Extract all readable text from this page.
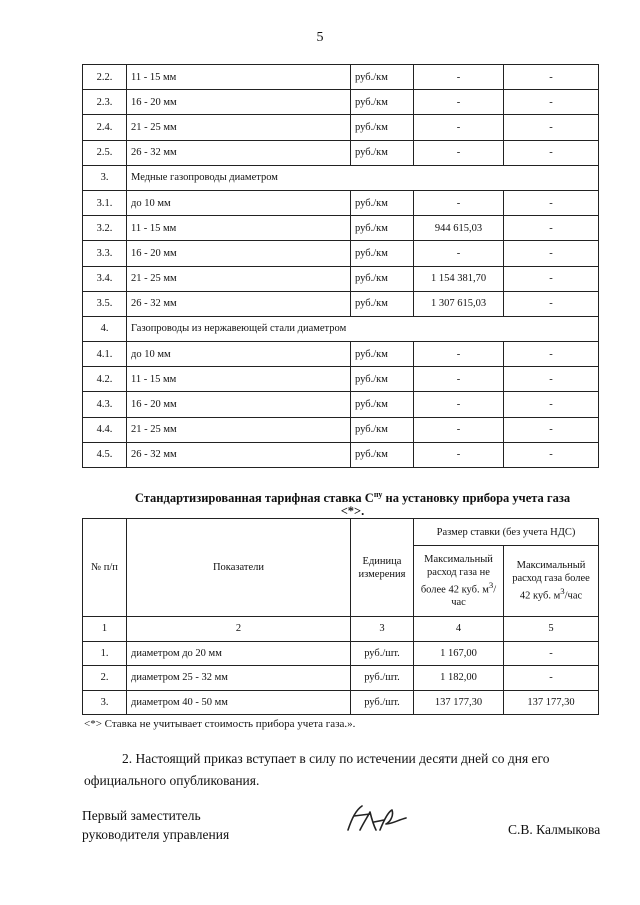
5
2.2.	11 - 15 мм	руб./км	-	-
2.3.	16 - 20 мм	руб./км	-	-
2.4.	21 - 25 мм	руб./км	-	-
2.5.	26 - 32 мм	руб./км	-	-
3.	Медные газопроводы диаметром			
3.1.	до 10 мм	руб./км	-	-
3.2.	11 - 15 мм	руб./км	944 615,03	-
3.3.	16 - 20 мм	руб./км	-	-
3.4.	21 - 25 мм	руб./км	1 154 381,70	-
3.5.	26 - 32 мм	руб./км	1 307 615,03	-
4.	Газопроводы из нержавеющей стали диаметром			
4.1.	до 10 мм	руб./км	-	-
4.2.	11 - 15 мм	руб./км	-	-
4.3.	16 - 20 мм	руб./км	-	-
4.4.	21 - 25 мм	руб./км	-	-
4.5.	26 - 32 мм	руб./км	-	-
Стандартизированная тарифная ставка $С^{пу}$ на установку прибора учета газа
<*>.
№ п/п	Показатели	Единица измерения	Размер ставки (без учета НДС)	
			Максимальный расход газа не более 42 куб. $м^3$/час	Максимальный расход газа более 42 куб. $м^3$/час
1	2	3	4	5
1.	диаметром до 20 мм	руб./шт.	1 167,00	-
2.	диаметром 25 - 32 мм	руб./шт.	1 182,00	-
3.	диаметром 40 - 50 мм	руб./шт.	137 177,30	137 177,30
<*> Ставка не учитывает стоимость прибора учета газа.».
2. Настоящий приказ вступает в силу по истечении десяти дней со дня его официального опубликования.
Первый заместитель
руководителя управления	С.В. Калмыкова
